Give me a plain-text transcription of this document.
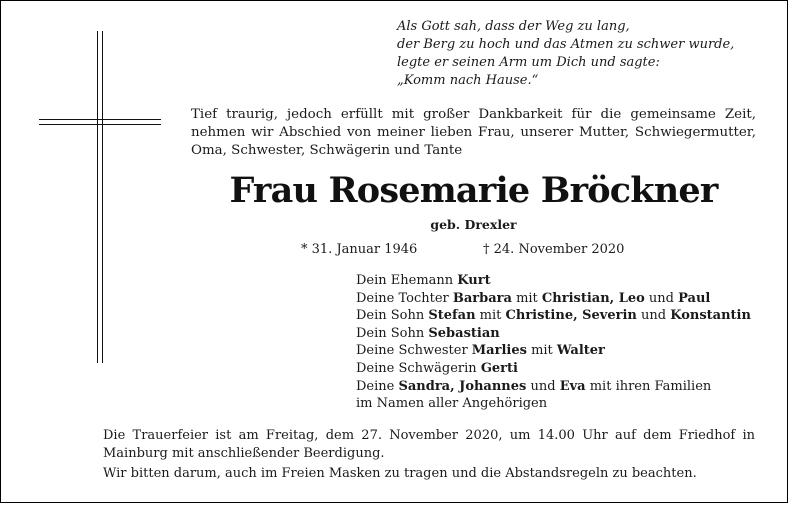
Als Gott sah, dass der Weg zu lang,
der Berg zu hoch und das Atmen zu schwer wurde,
legte er seinen Arm um Dich und sagte:
„Komm nach Hause.“
Tief traurig, jedoch erfüllt mit großer Dankbarkeit für die gemeinsame Zeit,
nehmen wir Abschied von meiner lieben Frau, unserer Mutter, Schwiegermutter,
Oma, Schwester, Schwägerin und Tante
Frau Rosemarie Bröckner
geb. Drexler
* 31. Januar 1946	† 24. November 2020
Dein Ehemann Kurt
Deine Tochter Barbara mit Christian, Leo und Paul
Dein Sohn Stefan mit Christine, Severin und Konstantin
Dein Sohn Sebastian
Deine Schwester Marlies mit Walter
Deine Schwägerin Gerti
Deine Sandra, Johannes und Eva mit ihren Familien
im Namen aller Angehörigen
Die Trauerfeier ist am Freitag, dem 27. November 2020, um 14.00 Uhr auf dem Friedhof in
Mainburg mit anschließender Beerdigung.
Wir bitten darum, auch im Freien Masken zu tragen und die Abstandsregeln zu beachten.
